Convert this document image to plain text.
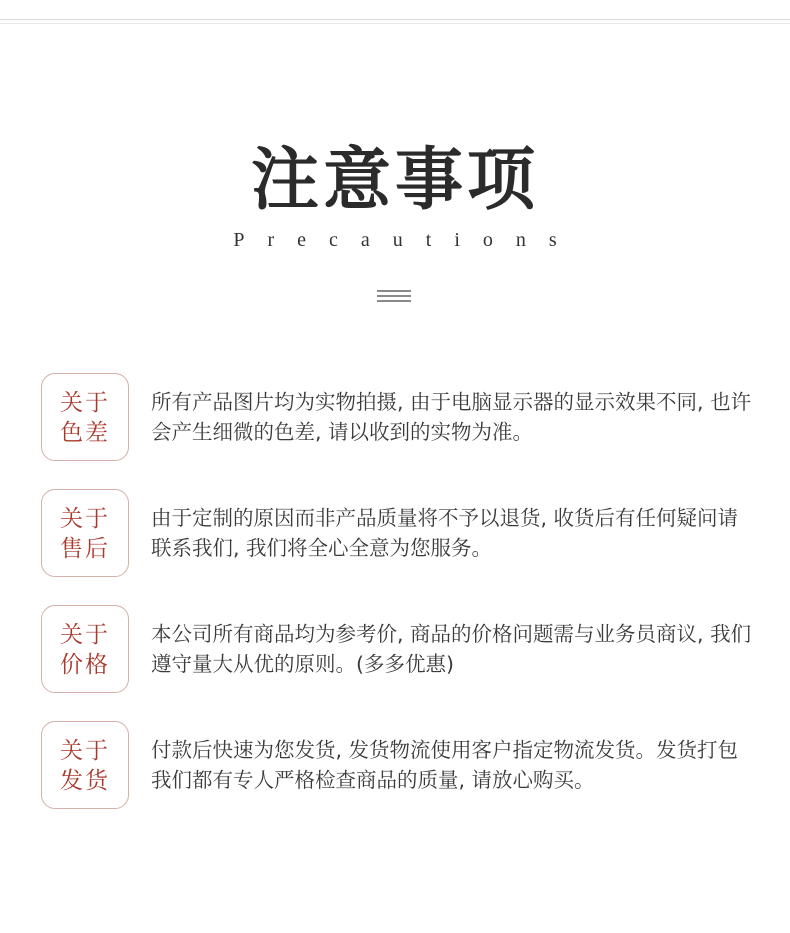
注意事项
Precautions
关于
色差
所有产品图片均为实物拍摄, 由于电脑显示器的显示效果不同, 也许会产生细微的色差, 请以收到的实物为准。
关于
售后
由于定制的原因而非产品质量将不予以退货, 收货后有任何疑问请联系我们, 我们将全心全意为您服务。
关于
价格
本公司所有商品均为参考价, 商品的价格问题需与业务员商议, 我们遵守量大从优的原则。(多多优惠)
关于
发货
付款后快速为您发货, 发货物流使用客户指定物流发货。发货打包我们都有专人严格检查商品的质量, 请放心购买。
